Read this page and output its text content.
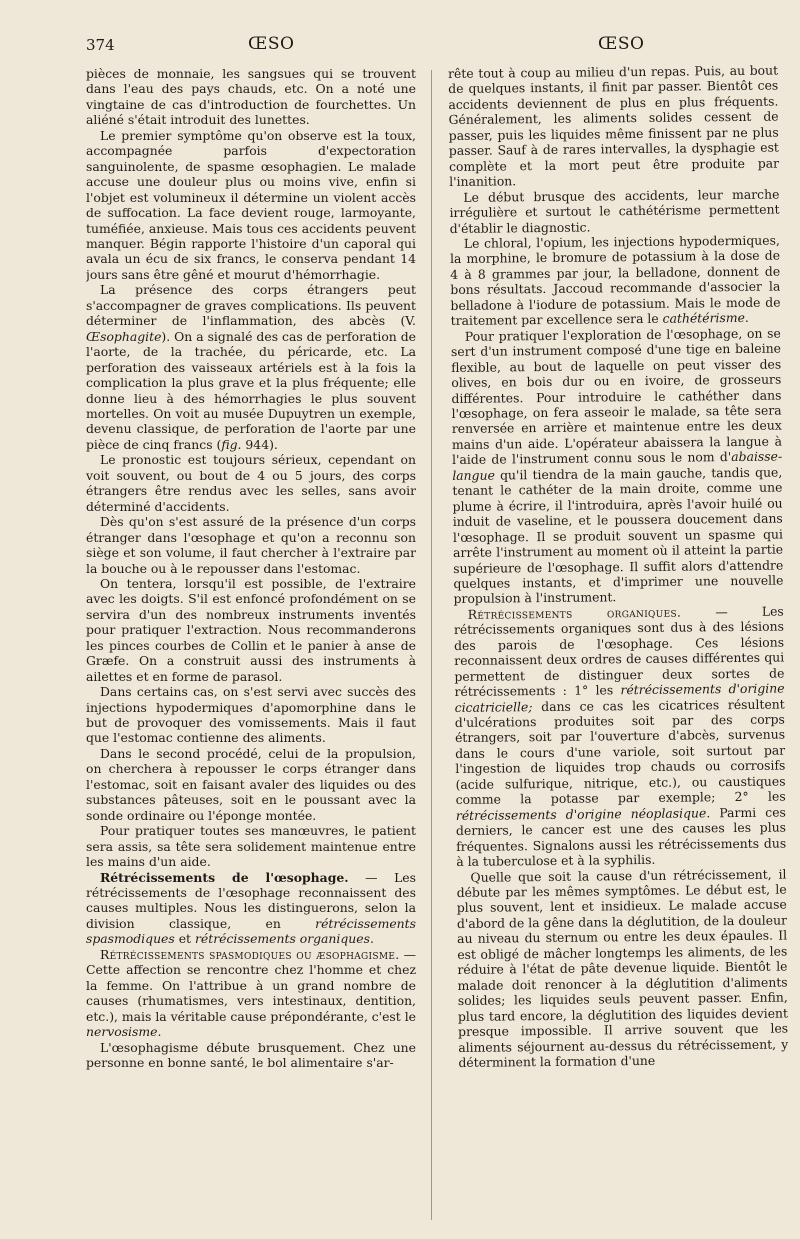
374	ŒSO	ŒSO

pièces de monnaie, les sangsues qui se trouvent dans l'eau des pays chauds, etc. On a noté une vingtaine de cas d'introduction de fourchettes. Un aliéné s'était introduit des lunettes.

Le premier symptôme qu'on observe est la toux, accompagnée parfois d'expectoration sanguinolente, de spasme œsophagien. Le malade accuse une douleur plus ou moins vive, enfin si l'objet est volumineux il détermine un violent accès de suffocation. La face devient rouge, larmoyante, tuméfiée, anxieuse. Mais tous ces accidents peuvent manquer. Bégin rapporte l'histoire d'un caporal qui avala un écu de six francs, le conserva pendant 14 jours sans être gêné et mourut d'hémorrhagie.

La présence des corps étrangers peut s'accompagner de graves complications. Ils peuvent déterminer de l'inflammation, des abcès (V. Œsophagite). On a signalé des cas de perforation de l'aorte, de la trachée, du péricarde, etc. La perforation des vaisseaux artériels est à la fois la complication la plus grave et la plus fréquente; elle donne lieu à des hémorrhagies le plus souvent mortelles. On voit au musée Dupuytren un exemple, devenu classique, de perforation de l'aorte par une pièce de cinq francs (fig. 944).

Le pronostic est toujours sérieux, cependant on voit souvent, ou bout de 4 ou 5 jours, des corps étrangers être rendus avec les selles, sans avoir déterminé d'accidents.

Dès qu'on s'est assuré de la présence d'un corps étranger dans l'œsophage et qu'on a reconnu son siège et son volume, il faut chercher à l'extraire par la bouche ou à le repousser dans l'estomac.

On tentera, lorsqu'il est possible, de l'extraire avec les doigts. S'il est enfoncé profondément on se servira d'un des nombreux instruments inventés pour pratiquer l'extraction. Nous recommanderons les pinces courbes de Collin et le panier à anse de Græfe. On a construit aussi des instruments à ailettes et en forme de parasol.

Dans certains cas, on s'est servi avec succès des injections hypodermiques d'apomorphine dans le but de provoquer des vomissements. Mais il faut que l'estomac contienne des aliments.

Dans le second procédé, celui de la propulsion, on cherchera à repousser le corps étranger dans l'estomac, soit en faisant avaler des liquides ou des substances pâteuses, soit en le poussant avec la sonde ordinaire ou l'éponge montée.

Pour pratiquer toutes ses manœuvres, le patient sera assis, sa tête sera solidement maintenue entre les mains d'un aide.

Rétrécissements de l'œsophage. — Les rétrécissements de l'œsophage reconnaissent des causes multiples. Nous les distinguerons, selon la division classique, en rétrécissements spasmodiques et rétrécissements organiques.

Rétrécissements spasmodiques ou æsophagisme. — Cette affection se rencontre chez l'homme et chez la femme. On l'attribue à un grand nombre de causes (rhumatismes, vers intestinaux, dentition, etc.), mais la véritable cause prépondérante, c'est le nervosisme.

L'œsophagisme débute brusquement. Chez une personne en bonne santé, le bol alimentaire s'ar-

rête tout à coup au milieu d'un repas. Puis, au bout de quelques instants, il finit par passer. Bientôt ces accidents deviennent de plus en plus fréquents. Généralement, les aliments solides cessent de passer, puis les liquides même finissent par ne plus passer. Sauf à de rares intervalles, la dysphagie est complète et la mort peut être produite par l'inanition.

Le début brusque des accidents, leur marche irrégulière et surtout le cathétérisme permettent d'établir le diagnostic.

Le chloral, l'opium, les injections hypodermiques, la morphine, le bromure de potassium à la dose de 4 à 8 grammes par jour, la belladone, donnent de bons résultats. Jaccoud recommande d'associer la belladone à l'iodure de potassium. Mais le mode de traitement par excellence sera le cathétérisme.

Pour pratiquer l'exploration de l'œsophage, on se sert d'un instrument composé d'une tige en baleine flexible, au bout de laquelle on peut visser des olives, en bois dur ou en ivoire, de grosseurs différentes. Pour introduire le cathéther dans l'œsophage, on fera asseoir le malade, sa tête sera renversée en arrière et maintenue entre les deux mains d'un aide. L'opérateur abaissera la langue à l'aide de l'instrument connu sous le nom d'abaisse-langue qu'il tiendra de la main gauche, tandis que, tenant le cathéter de la main droite, comme une plume à écrire, il l'introduira, après l'avoir huilé ou induit de vaseline, et le poussera doucement dans l'œsophage. Il se produit souvent un spasme qui arrête l'instrument au moment où il atteint la partie supérieure de l'œsophage. Il suffit alors d'attendre quelques instants, et d'imprimer une nouvelle propulsion à l'instrument.

Rétrécissements organiques. — Les rétrécissements organiques sont dus à des lésions des parois de l'œsophage. Ces lésions reconnaissent deux ordres de causes différentes qui permettent de distinguer deux sortes de rétrécissements : 1° les rétrécissements d'origine cicatricielle; dans ce cas les cicatrices résultent d'ulcérations produites soit par des corps étrangers, soit par l'ouverture d'abcès, survenus dans le cours d'une variole, soit surtout par l'ingestion de liquides trop chauds ou corrosifs (acide sulfurique, nitrique, etc.), ou caustiques comme la potasse par exemple; 2° les rétrécissements d'origine néoplasique. Parmi ces derniers, le cancer est une des causes les plus fréquentes. Signalons aussi les rétrécissements dus à la tuberculose et à la syphilis.

Quelle que soit la cause d'un rétrécissement, il débute par les mêmes symptômes. Le début est, le plus souvent, lent et insidieux. Le malade accuse d'abord de la gêne dans la déglutition, de la douleur au niveau du sternum ou entre les deux épaules. Il est obligé de mâcher longtemps les aliments, de les réduire à l'état de pâte devenue liquide. Bientôt le malade doit renoncer à la déglutition d'aliments solides; les liquides seuls peuvent passer. Enfin, plus tard encore, la déglutition des liquides devient presque impossible. Il arrive souvent que les aliments séjournent au-dessus du rétrécissement, y déterminent la formation d'une
